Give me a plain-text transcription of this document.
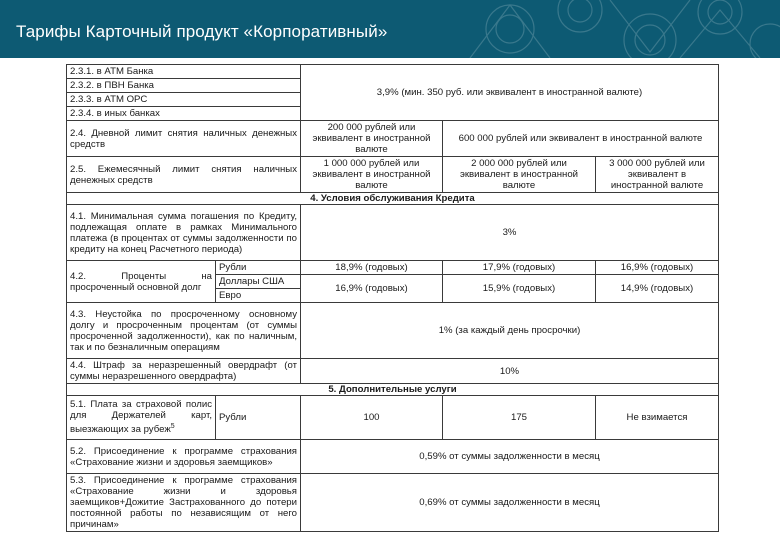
Тарифы Карточный продукт «Корпоративный»
2.3.1. в АТМ Банка		3,9% (мин. 350 руб. или эквивалент в иностранной валюте)		
2.3.2. в ПВН Банка				
2.3.3. в АТМ ОРС				
2.3.4. в иных банках				
2.4. Дневной лимит снятия наличных денежных средств		200 000 рублей или эквивалент в иностранной валюте	600 000 рублей или эквивалент в иностранной валюте	
2.5. Ежемесячный лимит снятия наличных денежных средств		1 000 000 рублей или эквивалент в иностранной валюте	2 000 000 рублей или эквивалент в иностранной валюте	3 000 000 рублей или эквивалент в иностранной валюте
4. Условия обслуживания Кредита				
4.1. Минимальная сумма погашения по Кредиту, подлежащая оплате в рамках Минимального платежа (в процентах от суммы задолженности по кредиту на конец Расчетного периода)		3%		
4.2. Проценты на просроченный основной долг	Рубли	18,9% (годовых)	17,9% (годовых)	16,9% (годовых)
	Доллары США	16,9% (годовых)	15,9% (годовых)	14,9% (годовых)

	Евро			
4.3. Неустойка по просроченному основному долгу и просроченным процентам (от суммы просроченной задолженности), как по наличным, так и по безналичным операциям		1% (за каждый день просрочки)		
4.4. Штраф за неразрешенный овердрафт (от суммы неразрешенного овердрафта)		10%		
5. Дополнительные услуги				
5.1. Плата за страховой полис для Держателей карт, выезжающих за рубеж$^5$	Рубли	100	175	Не взимается
5.2. Присоединение к программе страхования «Страхование жизни и здоровья заемщиков»		0,59% от суммы задолженности в месяц		
5.3. Присоединение к программе страхования «Страхование жизни и здоровья заемщиков+Дожитие Застрахованного до потери постоянной работы по независящим от него причинам»		0,69% от суммы задолженности в месяц		
